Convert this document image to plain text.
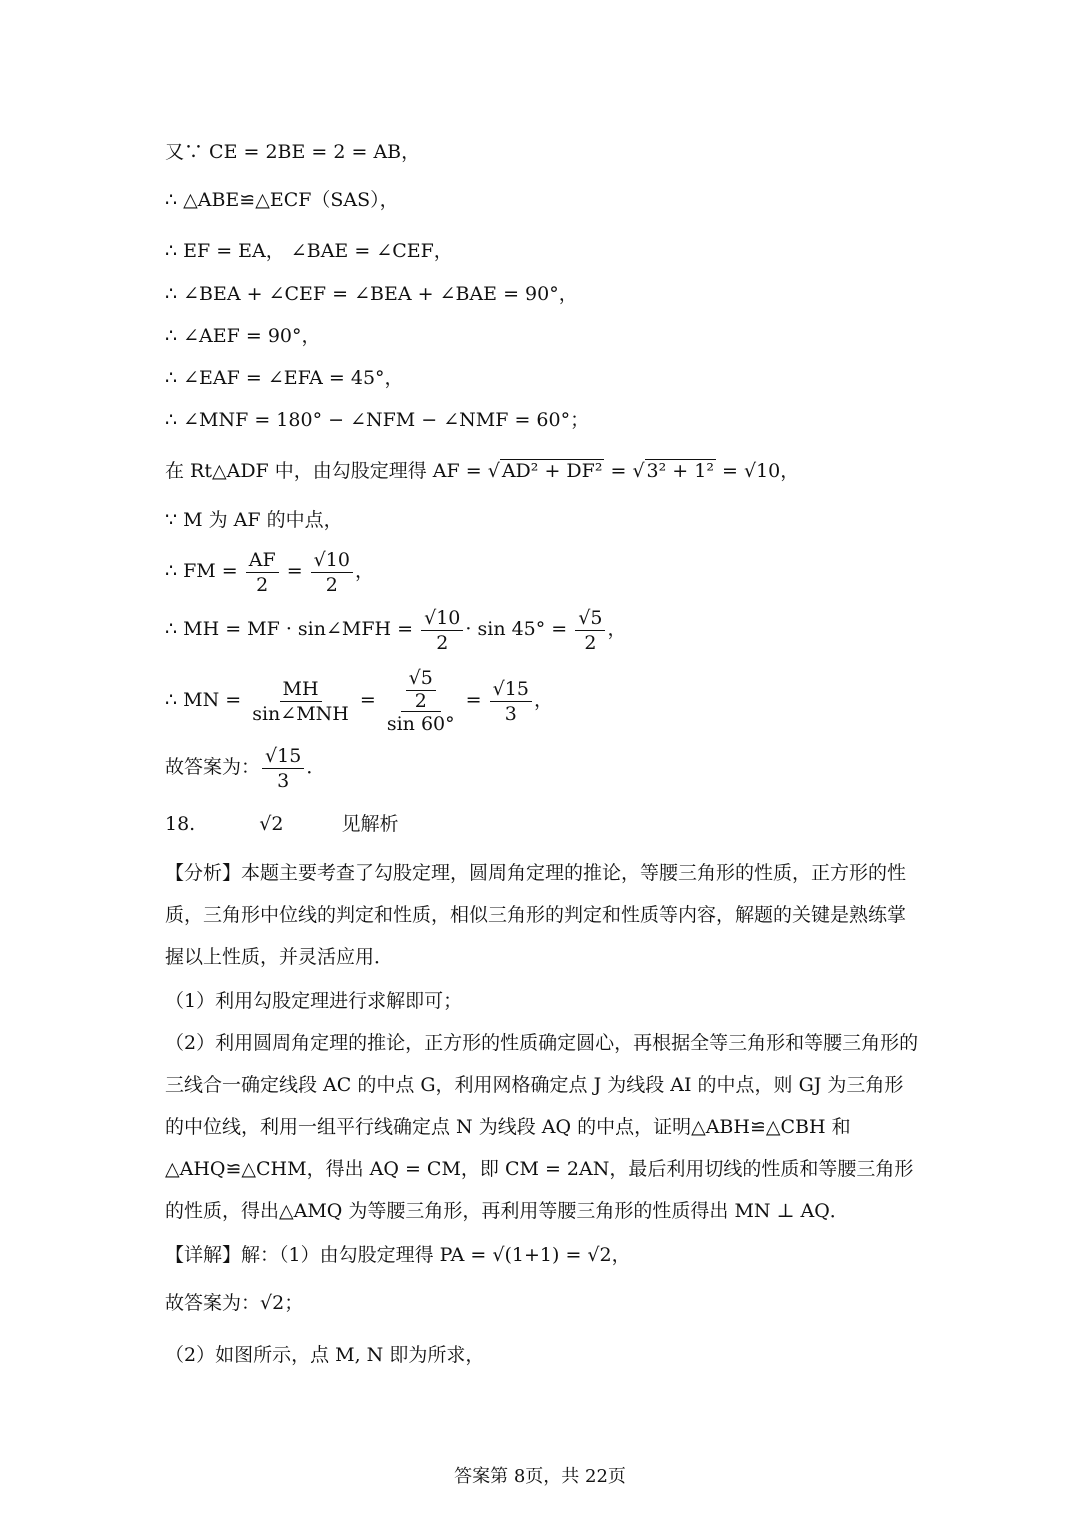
又∵ CE = 2BE = 2 = AB，
∴ △ABE≌△ECF（SAS），
∴ EF = EA， ∠BAE = ∠CEF，
∴ ∠BEA + ∠CEF = ∠BEA + ∠BAE = 90°，
∴ ∠AEF = 90°，
∴ ∠EAF = ∠EFA = 45°，
∴ ∠MNF = 180° − ∠NFM − ∠NMF = 60°；
在 Rt△ADF 中，由勾股定理得 AF = √ AD² + DF² = √ 3² + 1² = √10，
∵ M 为 AF 的中点，
∴ FM = $\frac{AF}{2} = \frac{√10}{2}$ ，
∴ MH = MF · sin∠MFH = $\frac{√10}{2} \cdot \sin 45^\circ = \frac{√5}{2}$ ，
∴ MN = $\frac{MH}{\text{sin∠MNH}} = \frac{\frac{√5}{2}}{\sin 60^\circ} = \frac{√15}{3}$ ，
故答案为： $\frac{√15}{3}$ ．
18.	√2	见解析
【分析】本题主要考查了勾股定理，圆周角定理的推论，等腰三角形的性质，正方形的性质，三角形中位线的判定和性质，相似三角形的判定和性质等内容，解题的关键是熟练掌握以上性质，并灵活应用．
（1）利用勾股定理进行求解即可；
（2）利用圆周角定理的推论，正方形的性质确定圆心，再根据全等三角形和等腰三角形的三线合一确定线段 AC 的中点 G，利用网格确定点 J 为线段 AI 的中点，则 GJ 为三角形的中位线，利用一组平行线确定点 N 为线段 AQ 的中点，证明△ABH≌△CBH 和△AHQ≌△CHM，得出 AQ = CM，即 CM = 2AN，最后利用切线的性质和等腰三角形的性质，得出△AMQ 为等腰三角形，再利用等腰三角形的性质得出 MN ⊥ AQ．
【详解】解：（1）由勾股定理得 PA = √(1+1) = √2，
故答案为：√2；
（2）如图所示，点 M, N 即为所求，
答案第 8页，共 22页
